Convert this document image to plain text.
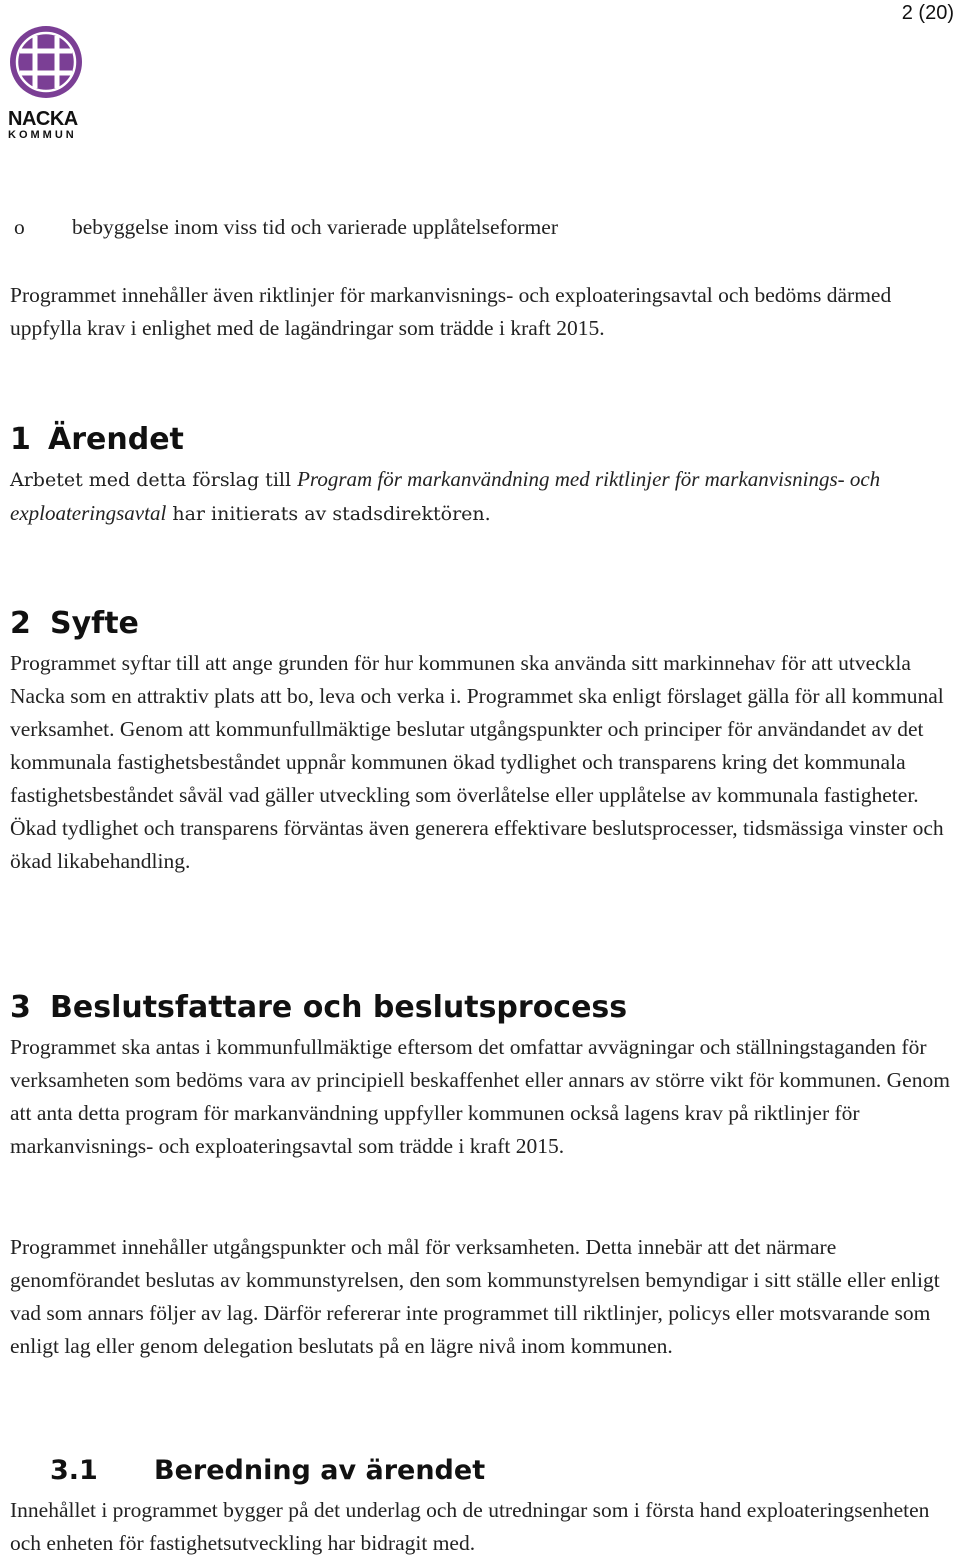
2 (20)
NACKA
KOMMUN
o bebyggelse inom viss tid och varierade upplåtelseformer

Programmet innehåller även riktlinjer för markanvisnings- och exploateringsavtal och bedöms därmed uppfylla krav i enlighet med de lagändringar som trädde i kraft 2015.

1 Ärendet

Arbetet med detta förslag till Program för markanvändning med riktlinjer för markanvisnings- och exploateringsavtal har initierats av stadsdirektören.

2 Syfte

Programmet syftar till att ange grunden för hur kommunen ska använda sitt markinnehav för att utveckla Nacka som en attraktiv plats att bo, leva och verka i. Programmet ska enligt förslaget gälla för all kommunal verksamhet. Genom att kommunfullmäktige beslutar utgångspunkter och principer för användandet av det kommunala fastighetsbeståndet uppnår kommunen ökad tydlighet och transparens kring det kommunala fastighetsbeståndet såväl vad gäller utveckling som överlåtelse eller upplåtelse av kommunala fastigheter. Ökad tydlighet och transparens förväntas även generera effektivare beslutsprocesser, tidsmässiga vinster och ökad likabehandling.

3 Beslutsfattare och beslutsprocess

Programmet ska antas i kommunfullmäktige eftersom det omfattar avvägningar och ställningstaganden för verksamheten som bedöms vara av principiell beskaffenhet eller annars av större vikt för kommunen. Genom att anta detta program för markanvändning uppfyller kommunen också lagens krav på riktlinjer för markanvisnings- och exploateringsavtal som trädde i kraft 2015.

Programmet innehåller utgångspunkter och mål för verksamheten. Detta innebär att det närmare genomförandet beslutas av kommunstyrelsen, den som kommunstyrelsen bemyndigar i sitt ställe eller enligt vad som annars följer av lag. Därför refererar inte programmet till riktlinjer, policys eller motsvarande som enligt lag eller genom delegation beslutats på en lägre nivå inom kommunen.

3.1 Beredning av ärendet

Innehållet i programmet bygger på det underlag och de utredningar som i första hand exploateringsenheten och enheten för fastighetsutveckling har bidragit med.
